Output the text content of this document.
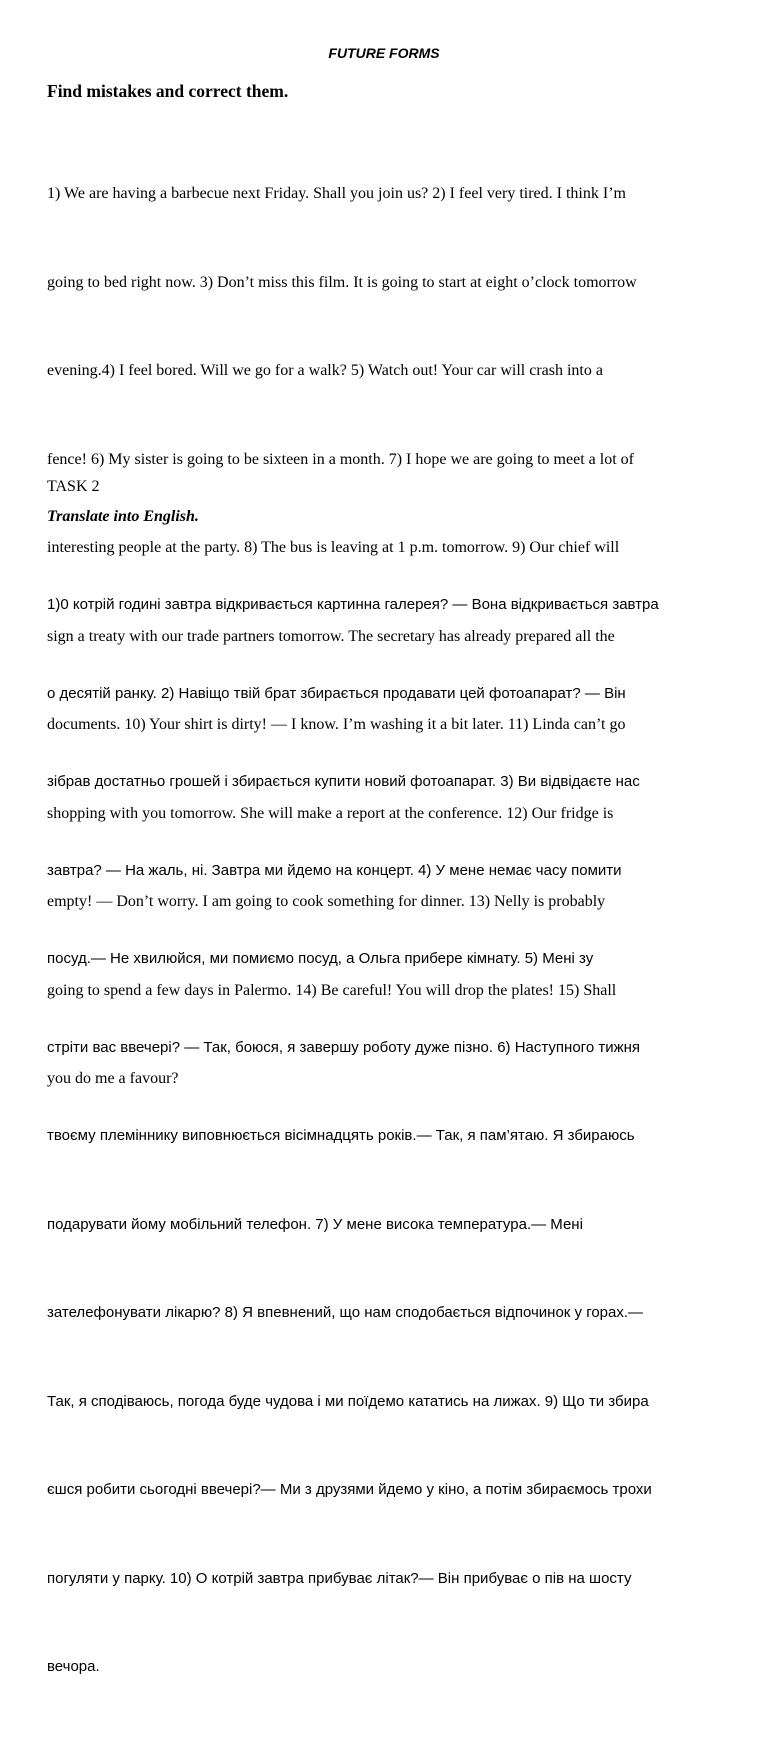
FUTURE FORMS
Find mistakes and correct them.

1) We are having a barbecue next Friday. Shall you join us? 2) I feel very tired. I think I’m

going to bed right now. 3) Don’t miss this film. It is going to start at eight o’clock tomorrow

evening.4) I feel bored. Will we go for a walk? 5) Watch out! Your car will crash into a

fence! 6) My sister is going to be sixteen in a month. 7) I hope we are going to meet a lot of

interesting people at the party. 8) The bus is leaving at 1 p.m. tomorrow. 9) Our chief will

sign a treaty with our trade partners tomorrow. The secretary has already prepared all the

documents. 10) Your shirt is dirty! — I know. I’m washing it a bit later. 11) Linda can’t go

shopping with you tomorrow. She will make a report at the conference. 12) Our fridge is

empty! — Don’t worry. I am going to cook something for dinner. 13) Nelly is probably

going to spend a few days in Palermo. 14) Be careful! You will drop the plates! 15) Shall

you do me a favour?

TASK 2
Translate into English.

1)0 котрій годині завтра відкривається картинна галерея? — Вона відкривається завтра

о десятій ранку. 2) Навіщо твій брат збирається продавати цей фотоапарат? — Він

зібрав достатньо грошей і збирається купити новий фотоапарат. 3) Ви відвідаєте нас

завтра? — На жаль, ні. Завтра ми йдемо на концерт. 4) У мене немає часу помити

посуд.— Не хвилюйся, ми помиємо посуд, а Ольга прибере кімнату. 5) Мені зу

стріти вас ввечері? — Так, боюся, я завершу роботу дуже пізно. 6) Наступного тижня

твоєму племіннику виповнюється вісімнадцять років.— Так, я пам’ятаю. Я збираюсь

подарувати йому мобільний телефон. 7) У мене висока температура.— Мені

зателефонувати лікарю? 8) Я впевнений, що нам сподобається відпочинок у горах.—

Так, я сподіваюсь, погода буде чудова і ми поїдемо кататись на лижах. 9) Що ти збира

єшся робити сьогодні ввечері?— Ми з друзями йдемо у кіно, а потім збираємось трохи

погуляти у парку. 10) О котрій завтра прибуває літак?— Він прибуває о пів на шосту

вечора.
